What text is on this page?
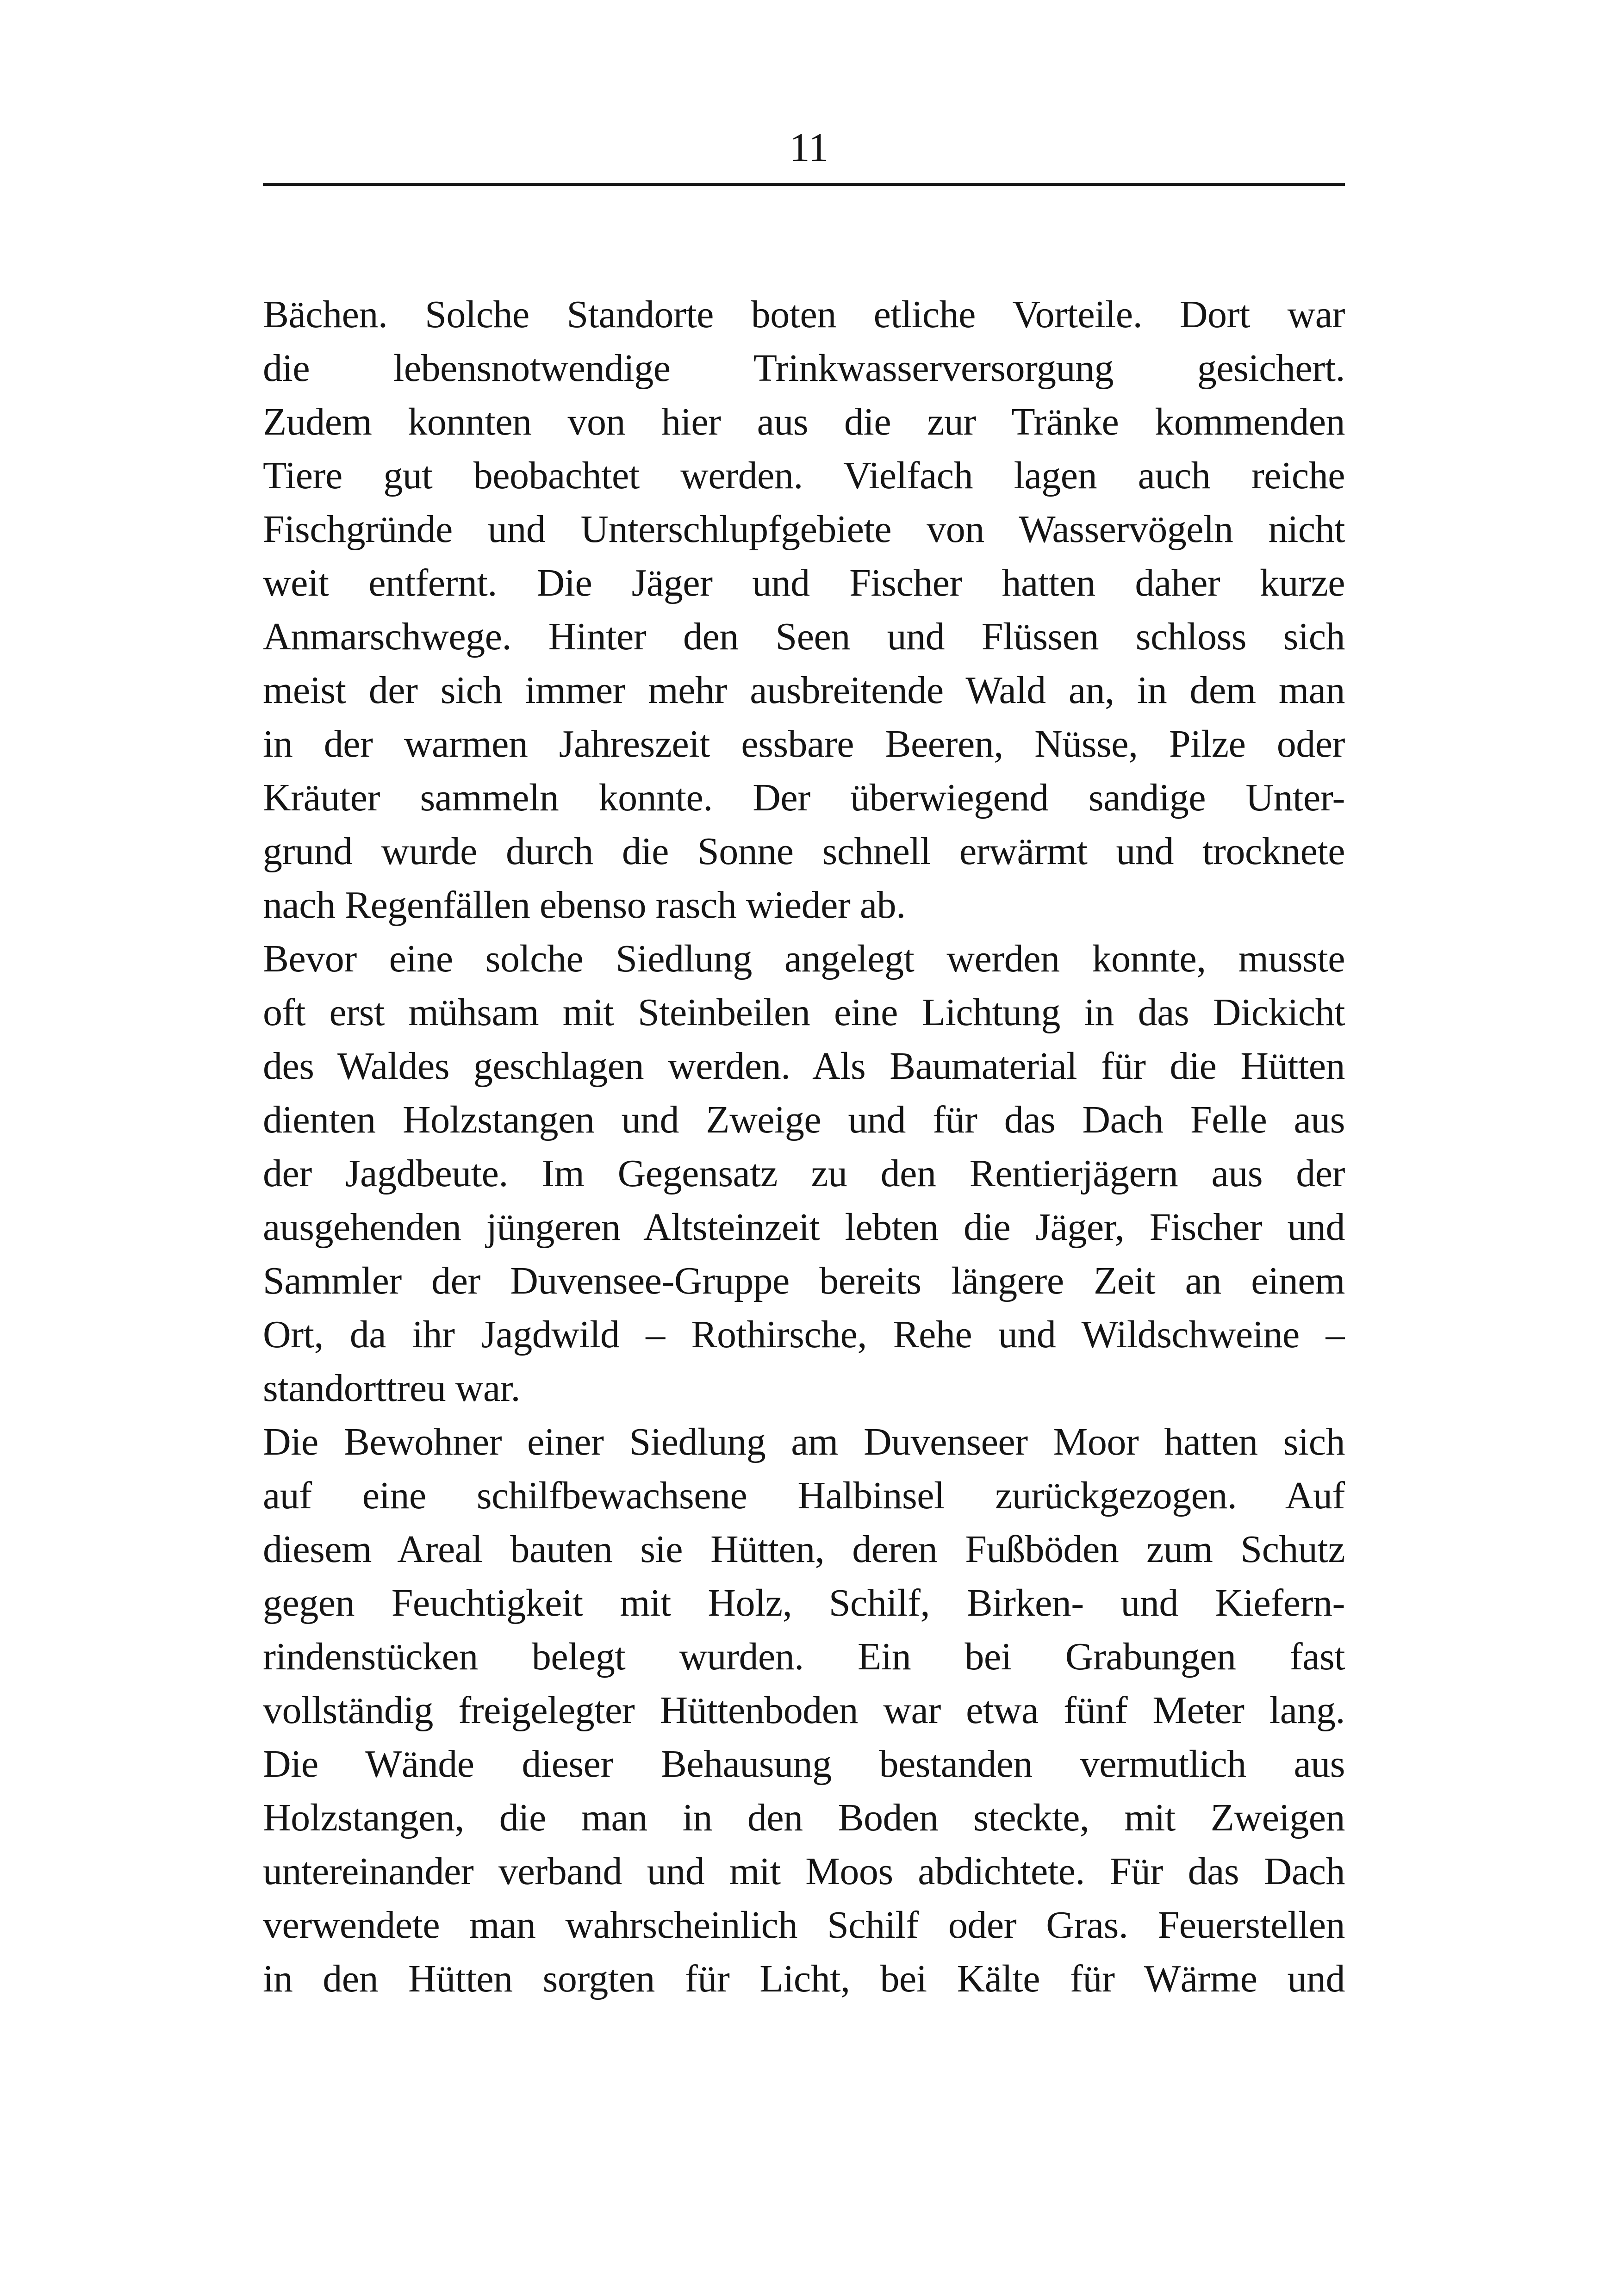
11
Bächen. Solche Standorte boten etliche Vorteile. Dort war
die lebensnotwendige Trinkwasserversorgung gesichert.
Zudem konnten von hier aus die zur Tränke kommenden
Tiere gut beobachtet werden. Vielfach lagen auch reiche
Fischgründe und Unterschlupfgebiete von Wasservögeln nicht
weit entfernt. Die Jäger und Fischer hatten daher kurze
Anmarschwege. Hinter den Seen und Flüssen schloss sich
meist der sich immer mehr ausbreitende Wald an, in dem man
in der warmen Jahreszeit essbare Beeren, Nüsse, Pilze oder
Kräuter sammeln konnte. Der überwiegend sandige Unter-
grund wurde durch die Sonne schnell erwärmt und trocknete
nach Regenfällen ebenso rasch wieder ab.
Bevor eine solche Siedlung angelegt werden konnte, musste
oft erst mühsam mit Steinbeilen eine Lichtung in das Dickicht
des Waldes geschlagen werden. Als Baumaterial für die Hütten
dienten Holzstangen und Zweige und für das Dach Felle aus
der Jagdbeute. Im Gegensatz zu den Rentierjägern aus der
ausgehenden jüngeren Altsteinzeit lebten die Jäger, Fischer und
Sammler der Duvensee-Gruppe bereits längere Zeit an einem
Ort, da ihr Jagdwild – Rothirsche, Rehe und Wildschweine –
standorttreu war.
Die Bewohner einer Siedlung am Duvenseer Moor hatten sich
auf eine schilfbewachsene Halbinsel zurückgezogen. Auf
diesem Areal bauten sie Hütten, deren Fußböden zum Schutz
gegen Feuchtigkeit mit Holz, Schilf, Birken- und Kiefern-
rindenstücken belegt wurden. Ein bei Grabungen fast
vollständig freigelegter Hüttenboden war etwa fünf Meter lang.
Die Wände dieser Behausung bestanden vermutlich aus
Holzstangen, die man in den Boden steckte, mit Zweigen
untereinander verband und mit Moos abdichtete. Für das Dach
verwendete man wahrscheinlich Schilf oder Gras. Feuerstellen
in den Hütten sorgten für Licht, bei Kälte für Wärme und
